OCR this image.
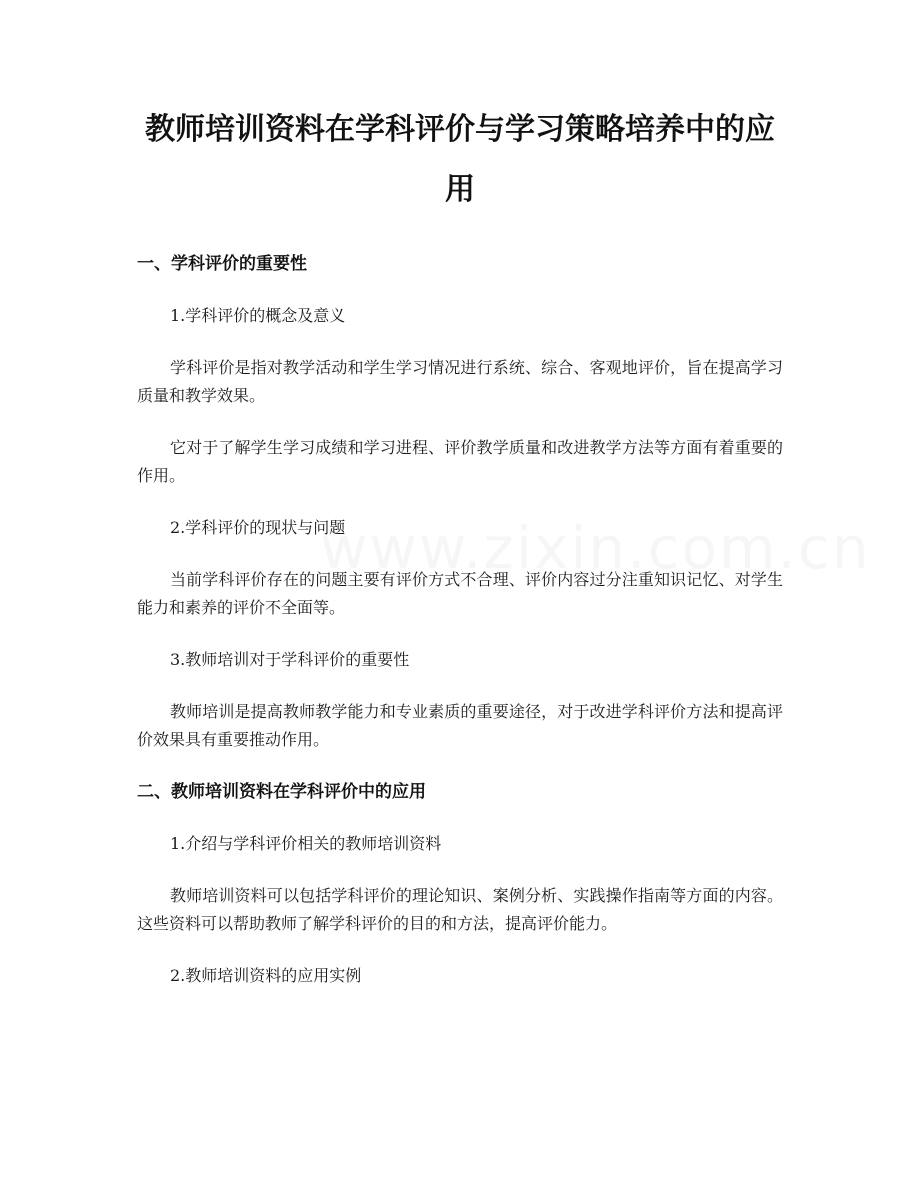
教师培训资料在学科评价与学习策略培养中的应用
一、学科评价的重要性
1.学科评价的概念及意义
学科评价是指对教学活动和学生学习情况进行系统、综合、客观地评价，旨在提高学习质量和教学效果。
它对于了解学生学习成绩和学习进程、评价教学质量和改进教学方法等方面有着重要的作用。
2.学科评价的现状与问题
当前学科评价存在的问题主要有评价方式不合理、评价内容过分注重知识记忆、对学生能力和素养的评价不全面等。
3.教师培训对于学科评价的重要性
教师培训是提高教师教学能力和专业素质的重要途径，对于改进学科评价方法和提高评价效果具有重要推动作用。
二、教师培训资料在学科评价中的应用
1.介绍与学科评价相关的教师培训资料
教师培训资料可以包括学科评价的理论知识、案例分析、实践操作指南等方面的内容。这些资料可以帮助教师了解学科评价的目的和方法，提高评价能力。
2.教师培训资料的应用实例
